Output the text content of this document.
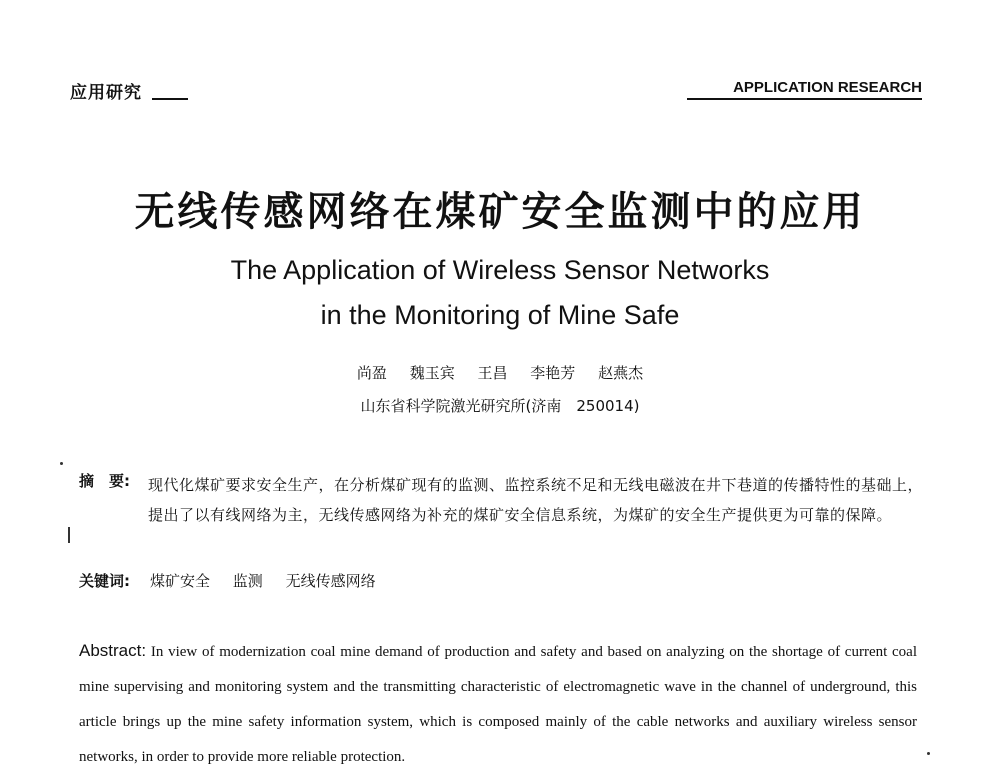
应用研究	APPLICATION RESEARCH
无线传感网络在煤矿安全监测中的应用
The Application of Wireless Sensor Networks
in the Monitoring of Mine Safe
尚盈 魏玉宾 王昌 李艳芳 赵燕杰
山东省科学院激光研究所(济南　250014)
摘　要: 现代化煤矿要求安全生产，在分析煤矿现有的监测、监控系统不足和无线电磁波在井下巷道的传播特性的基础上，提出了以有线网络为主，无线传感网络为补充的煤矿安全信息系统，为煤矿的安全生产提供更为可靠的保障。
关键词: 煤矿安全 监测 无线传感网络
Abstract: In view of modernization coal mine demand of production and safety and based on analyzing on the shortage of current coal mine supervising and monitoring system and the transmitting characteristic of electromagnetic wave in the channel of underground, this article brings up the mine safety information system, which is composed mainly of the cable networks and auxiliary wireless sensor networks, in order to provide more reliable protection.
